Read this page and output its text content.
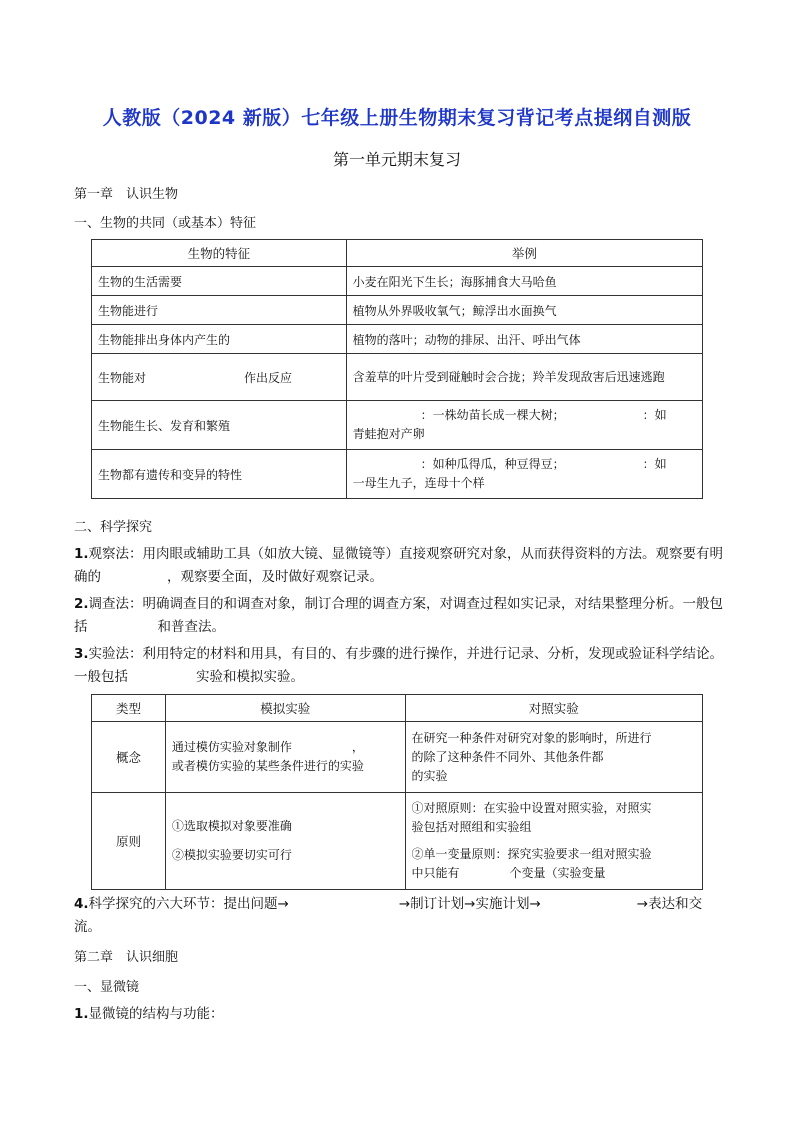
人教版（2024 新版）七年级上册生物期末复习背记考点提纲自测版
第一单元期末复习
第一章　认识生物
一、生物的共同（或基本）特征
生物的特征	举例
生物的生活需要	小麦在阳光下生长；海豚捕食大马哈鱼
生物能进行	植物从外界吸收氧气；鲸浮出水面换气
生物能排出身体内产生的	植物的落叶；动物的排尿、出汗、呼出气体
生物能对 作出反应	含羞草的叶片受到碰触时会合拢；羚羊发现敌害后迅速逃跑
生物能生长、发育和繁殖	：一株幼苗长成一棵大树； ：如
青蛙抱对产卵

生物都有遗传和变异的特性	：如种瓜得瓜，种豆得豆； ：如
一母生九子，连母十个样
二、科学探究
1.观察法：用肉眼或辅助工具（如放大镜、显微镜等）直接观察研究对象，从而获得资料的方法。观察要有明确的	，观察要全面，及时做好观察记录。
2.调查法：明确调查目的和调查对象，制订合理的调查方案，对调查过程如实记录，对结果整理分析。一般包括	和普查法。
3.实验法：利用特定的材料和用具，有目的、有步骤的进行操作，并进行记录、分析，发现或验证科学结论。一般包括	实验和模拟实验。
类型	模拟实验	对照实验
概念	通过模仿实验对象制作 ，
或者模仿实验的某些条件进行的实验	在研究一种条件对研究对象的影响时，所进行
的除了这种条件不同外、其他条件都
的实验

原则	①选取模拟对象要准确
②模拟实验要切实可行	①对照原则：在实验中设置对照实验，对照实
验包括对照组和实验组
②单一变量原则：探究实验要求一组对照实验
中只能有 个变量（实验变量
4.科学探究的六大环节：提出问题→	→制订计划→实施计划→	→表达和交
流。
第二章　认识细胞
一、显微镜
1.显微镜的结构与功能：
